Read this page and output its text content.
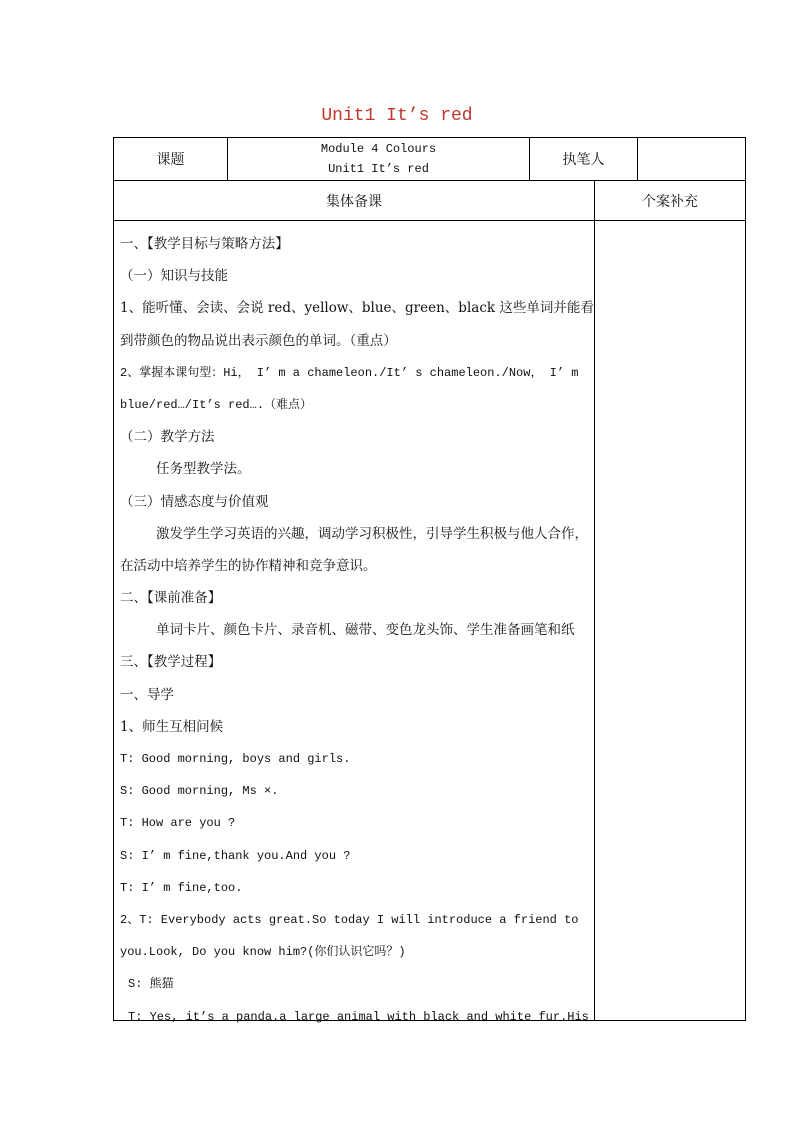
Unit1 It’s red
课题
Module 4 Colours
Unit1 It’s red
执笔人
集体备课	个案补充
一、【教学目标与策略方法】
（一）知识与技能
1、能听懂、会读、会说 red、yellow、blue、green、black 这些单词并能看
到带颜色的物品说出表示颜色的单词。（重点）
2、掌握本课句型：Hi， I’ m a chameleon./It’ s chameleon./Now， I’ m
blue/red…/It’s red….（难点）
（二）教学方法
任务型教学法。
（三）情感态度与价值观
激发学生学习英语的兴趣，调动学习积极性，引导学生积极与他人合作，
在活动中培养学生的协作精神和竞争意识。
二、【课前准备】
单词卡片、颜色卡片、录音机、磁带、变色龙头饰、学生准备画笔和纸
三、【教学过程】
一、导学
1、师生互相问候
T: Good morning, boys and girls.
S: Good morning, Ms ×.
T: How are you ?
S: I’ m fine,thank you.And you ?
T: I’ m fine,too.
2、T: Everybody acts great.So today I will introduce a friend to
you.Look, Do you know him?(你们认识它吗？)
S: 熊猫
T: Yes, it’s a panda.a large animal with black and white fur.His
